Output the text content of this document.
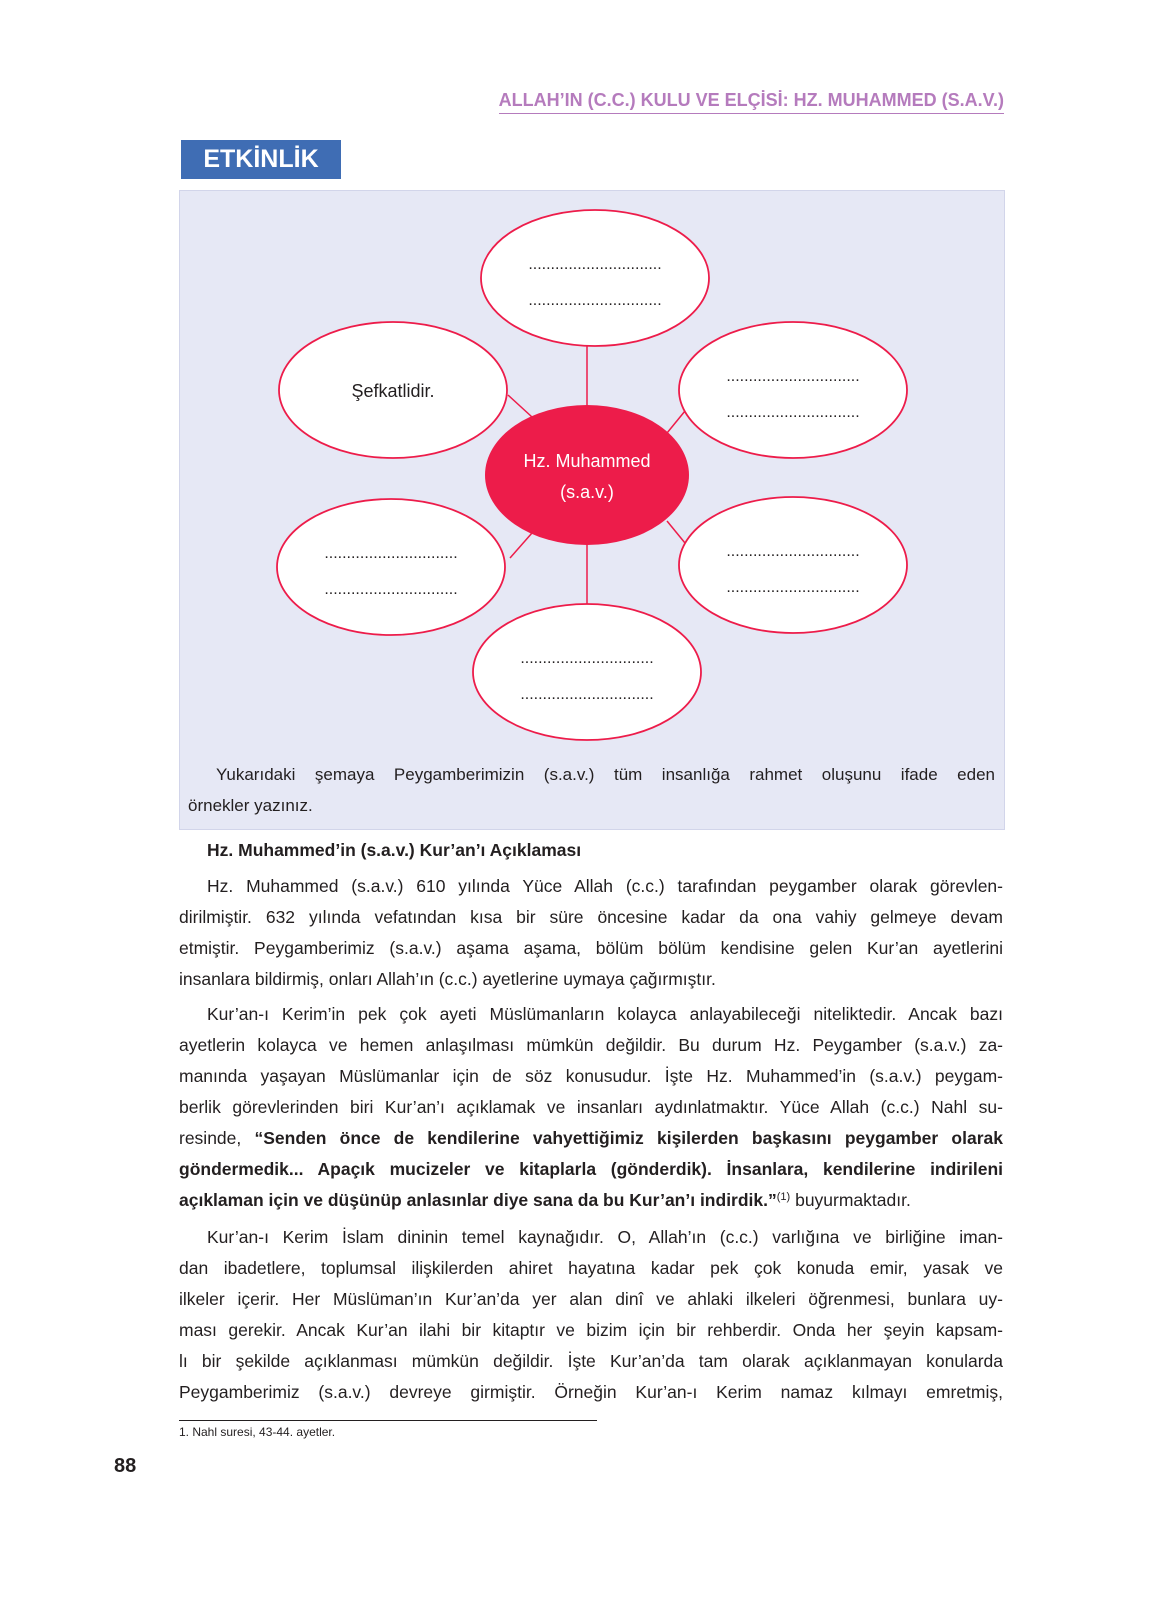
ALLAH’IN (C.C.) KULU VE ELÇİSİ: HZ. MUHAMMED (S.A.V.)
ETKİNLİK
Hz. Muhammed
(s.a.v.)
Şefkatlidir.
..............................
..............................
..............................
..............................
..............................
..............................
..............................
..............................
..............................
..............................
Yukarıdaki şemaya Peygamberimizin (s.a.v.) tüm insanlığa rahmet oluşunu ifade eden
örnekler yazınız.
Hz. Muhammed’in (s.a.v.) Kur’an’ı Açıklaması
Hz. Muhammed (s.a.v.) 610 yılında Yüce Allah (c.c.) tarafından peygamber olarak görevlen-
dirilmiştir. 632 yılında vefatından kısa bir süre öncesine kadar da ona vahiy gelmeye devam
etmiştir. Peygamberimiz (s.a.v.) aşama aşama, bölüm bölüm kendisine gelen Kur’an ayetlerini
insanlara bildirmiş, onları Allah’ın (c.c.) ayetlerine uymaya çağırmıştır.
Kur’an-ı Kerim’in pek çok ayeti Müslümanların kolayca anlayabileceği niteliktedir. Ancak bazı
ayetlerin kolayca ve hemen anlaşılması mümkün değildir. Bu durum Hz. Peygamber (s.a.v.) za-
manında yaşayan Müslümanlar için de söz konusudur. İşte Hz. Muhammed’in (s.a.v.) peygam-
berlik görevlerinden biri Kur’an’ı açıklamak ve insanları aydınlatmaktır. Yüce Allah (c.c.) Nahl su-
resinde, “Senden önce de kendilerine vahyettiğimiz kişilerden başkasını peygamber olarak
göndermedik... Apaçık mucizeler ve kitaplarla (gönderdik). İnsanlara, kendilerine indirileni
açıklaman için ve düşünüp anlasınlar diye sana da bu Kur’an’ı indirdik.”$^{(1)}$ buyurmaktadır.
Kur’an-ı Kerim İslam dininin temel kaynağıdır. O, Allah’ın (c.c.) varlığına ve birliğine iman-
dan ibadetlere, toplumsal ilişkilerden ahiret hayatına kadar pek çok konuda emir, yasak ve
ilkeler içerir. Her Müslüman’ın Kur’an’da yer alan dinî ve ahlaki ilkeleri öğrenmesi, bunlara uy-
ması gerekir. Ancak Kur’an ilahi bir kitaptır ve bizim için bir rehberdir. Onda her şeyin kapsam-
lı bir şekilde açıklanması mümkün değildir. İşte Kur’an’da tam olarak açıklanmayan konularda
Peygamberimiz (s.a.v.) devreye girmiştir. Örneğin Kur’an-ı Kerim namaz kılmayı emretmiş,
1. Nahl suresi, 43-44. ayetler.
88
